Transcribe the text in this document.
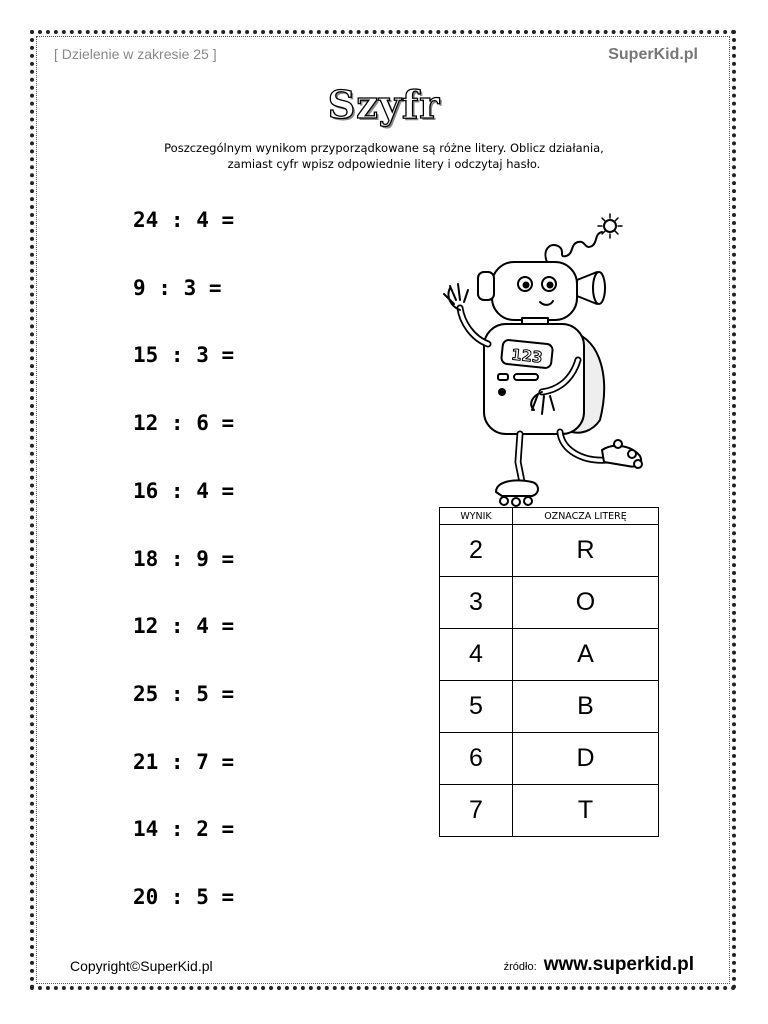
[ Dzielenie w zakresie 25 ]	SuperKid.pl
Szyfr
Poszczególnym wynikom przyporządkowane są różne litery. Oblicz działania,
zamiast cyfr wpisz odpowiednie litery i odczytaj hasło.
24 : 4 =
9 : 3 =
15 : 3 =
12 : 6 =
16 : 4 =
18 : 9 =
12 : 4 =
25 : 5 =
21 : 7 =
14 : 2 =
20 : 5 =
123
WYNIK	OZNACZA LITERĘ
2	R
3	O
4	A
5	B
6	D
7	T
Copyright©SuperKid.pl	źródło: www.superkid.pl
